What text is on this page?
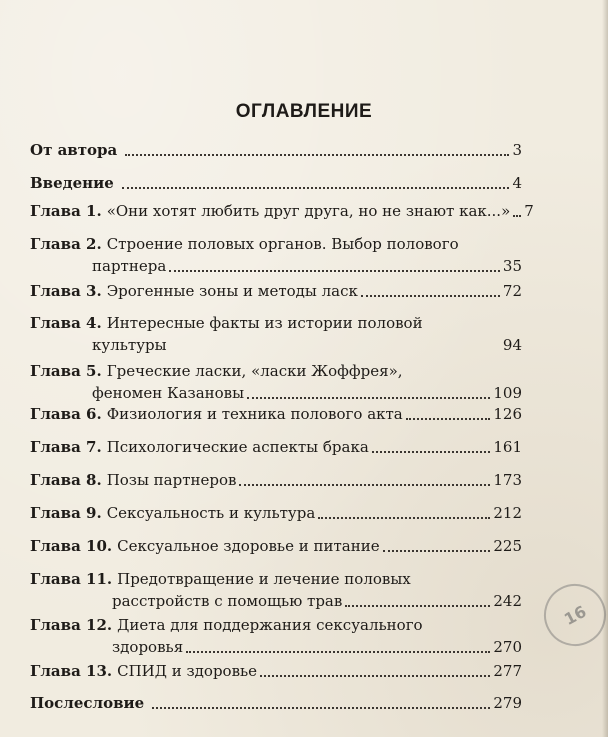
ОГЛАВЛЕНИЕ
От автора	3
Введение	4
Глава 1. «Они хотят любить друг друга, но не знают как...» 7
Глава 2. Строение половых органов. Выбор полового
партнера	35
Глава 3. Эрогенные зоны и методы ласк	72
Глава 4. Интересные факты из истории половой
культуры	94
Глава 5. Греческие ласки, «ласки Жоффрея»,
феномен Казановы	109
Глава 6. Физиология и техника полового акта	126
Глава 7. Психологические аспекты брака	161
Глава 8. Позы партнеров	173
Глава 9. Сексуальность и культура	212
Глава 10. Сексуальное здоровье и питание	225
Глава 11. Предотвращение и лечение половых
расстройств с помощью трав	242
Глава 12. Диета для поддержания сексуального
здоровья	270
Глава 13. СПИД и здоровье	277
Послесловие	279
16
